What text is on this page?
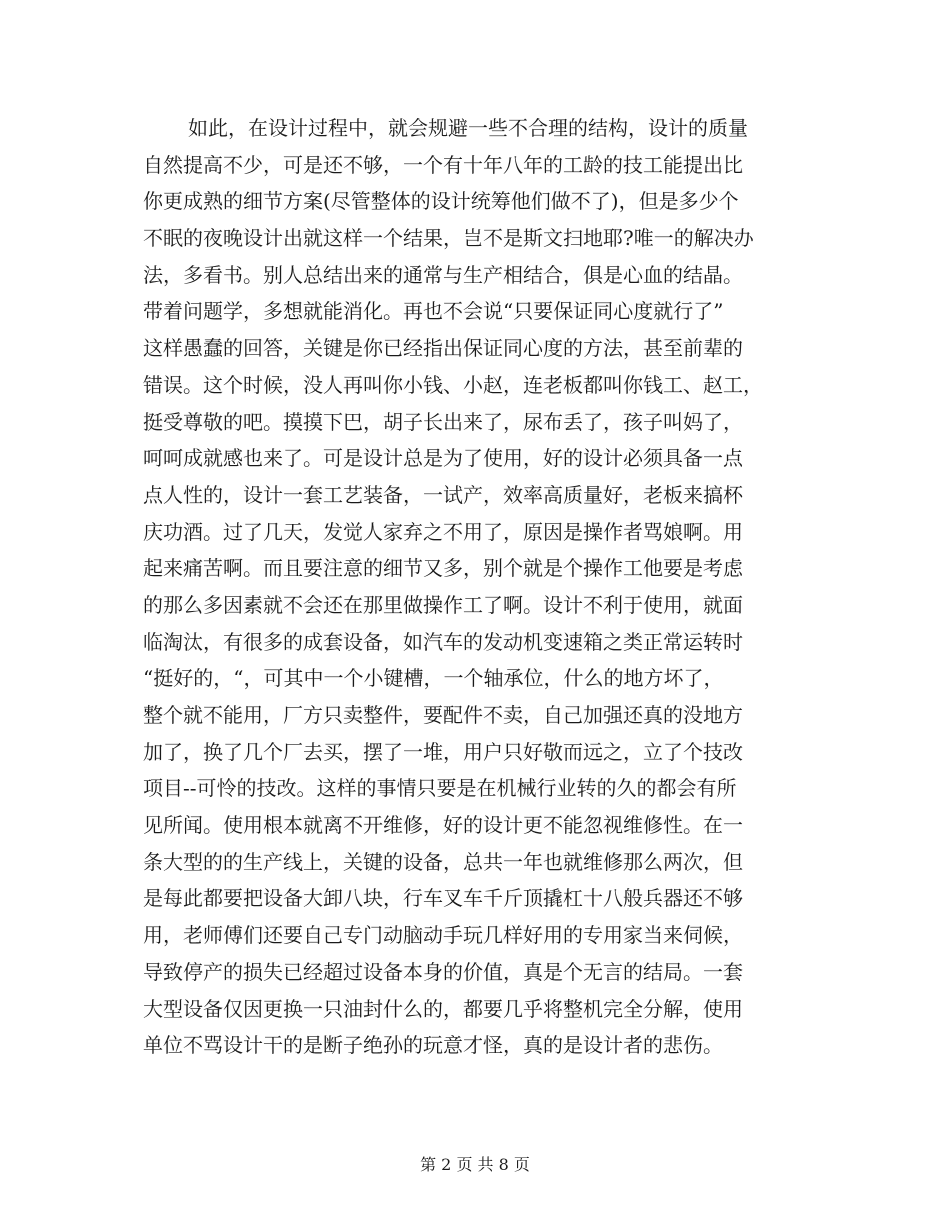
如此，在设计过程中，就会规避一些不合理的结构，设计的质量
自然提高不少，可是还不够，一个有十年八年的工龄的技工能提出比
你更成熟的细节方案(尽管整体的设计统筹他们做不了)，但是多少个
不眠的夜晚设计出就这样一个结果，岂不是斯文扫地耶?唯一的解决办
法，多看书。别人总结出来的通常与生产相结合，俱是心血的结晶。
带着问题学，多想就能消化。再也不会说“只要保证同心度就行了”
这样愚蠢的回答，关键是你已经指出保证同心度的方法，甚至前辈的
错误。这个时候，没人再叫你小钱、小赵，连老板都叫你钱工、赵工，
挺受尊敬的吧。摸摸下巴，胡子长出来了，尿布丢了，孩子叫妈了，
呵呵成就感也来了。可是设计总是为了使用，好的设计必须具备一点
点人性的，设计一套工艺装备，一试产，效率高质量好，老板来搞杯
庆功酒。过了几天，发觉人家弃之不用了，原因是操作者骂娘啊。用
起来痛苦啊。而且要注意的细节又多，别个就是个操作工他要是考虑
的那么多因素就不会还在那里做操作工了啊。设计不利于使用，就面
临淘汰，有很多的成套设备，如汽车的发动机变速箱之类正常运转时
“挺好的，“，可其中一个小键槽，一个轴承位，什么的地方坏了，
整个就不能用，厂方只卖整件，要配件不卖，自己加强还真的没地方
加了，换了几个厂去买，摆了一堆，用户只好敬而远之，立了个技改
项目--可怜的技改。这样的事情只要是在机械行业转的久的都会有所
见所闻。使用根本就离不开维修，好的设计更不能忽视维修性。在一
条大型的的生产线上，关键的设备，总共一年也就维修那么两次，但
是每此都要把设备大卸八块，行车叉车千斤顶撬杠十八般兵器还不够
用，老师傅们还要自己专门动脑动手玩几样好用的专用家当来伺候，
导致停产的损失已经超过设备本身的价值，真是个无言的结局。一套
大型设备仅因更换一只油封什么的，都要几乎将整机完全分解，使用
单位不骂设计干的是断子绝孙的玩意才怪，真的是设计者的悲伤。
第 2 页 共 8 页
